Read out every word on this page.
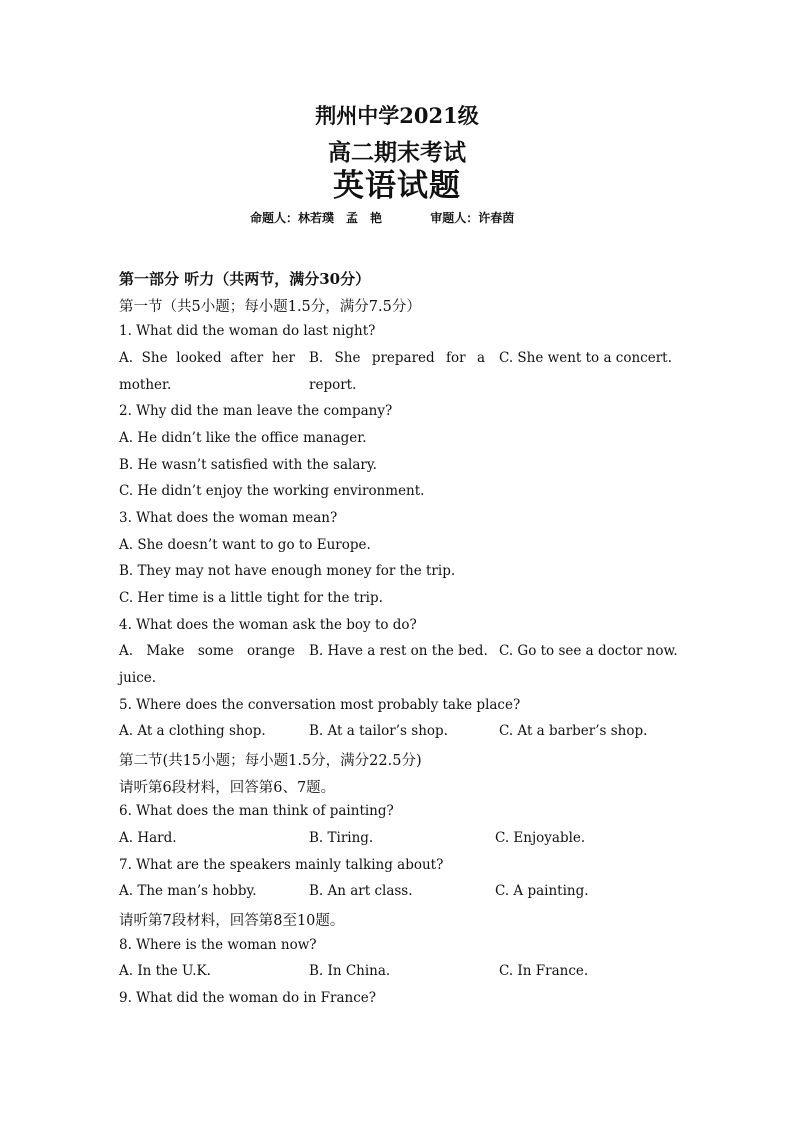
荆州中学2021级
高二期末考试
英语试题
命题人：林若璞　孟　艳	审题人：许春茵
第一部分 听力（共两节，满分30分）
第一节（共5小题；每小题1.5分，满分7.5分）
1. What did the woman do last night?
A. She looked after her
mother.
B. She prepared for a
report.
C. She went to a concert.
2. Why did the man leave the company?
A. He didn’t like the office manager.
B. He wasn’t satisfied with the salary.
C. He didn’t enjoy the working environment.
3. What does the woman mean?
A. She doesn’t want to go to Europe.
B. They may not have enough money for the trip.
C. Her time is a little tight for the trip.
4. What does the woman ask the boy to do?
A. Make some orange
juice.
B. Have a rest on the bed. C. Go to see a doctor now.
5. Where does the conversation most probably take place?
A. At a clothing shop.	B. At a tailor’s shop.	C. At a barber’s shop.
第二节(共15小题；每小题1.5分，满分22.5分)
请听第6段材料，回答第6、7题。
6. What does the man think of painting?
A. Hard.	B. Tiring.	C. Enjoyable.
7. What are the speakers mainly talking about?
A. The man’s hobby.	B. An art class.	C. A painting.
请听第7段材料，回答第8至10题。
8. Where is the woman now?
A. In the U.K.	B. In China.	C. In France.
9. What did the woman do in France?
